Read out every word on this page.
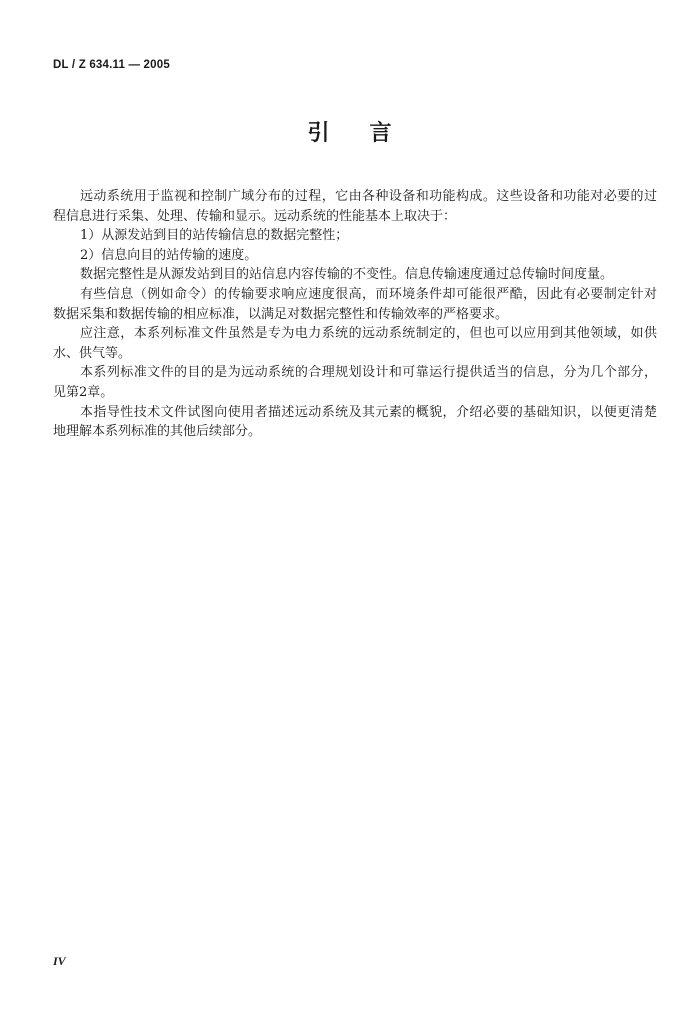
DL / Z 634.11 — 2005
引言
远动系统用于监视和控制广域分布的过程，它由各种设备和功能构成。这些设备和功能对必要的过
程信息进行采集、处理、传输和显示。远动系统的性能基本上取决于：
1）从源发站到目的站传输信息的数据完整性；
2）信息向目的站传输的速度。
数据完整性是从源发站到目的站信息内容传输的不变性。信息传输速度通过总传输时间度量。
有些信息（例如命令）的传输要求响应速度很高，而环境条件却可能很严酷，因此有必要制定针对
数据采集和数据传输的相应标准，以满足对数据完整性和传输效率的严格要求。
应注意，本系列标准文件虽然是专为电力系统的远动系统制定的，但也可以应用到其他领域，如供
水、供气等。
本系列标准文件的目的是为远动系统的合理规划设计和可靠运行提供适当的信息，分为几个部分，
见第2章。
本指导性技术文件试图向使用者描述远动系统及其元素的概貌，介绍必要的基础知识，以便更清楚
地理解本系列标准的其他后续部分。
IV
